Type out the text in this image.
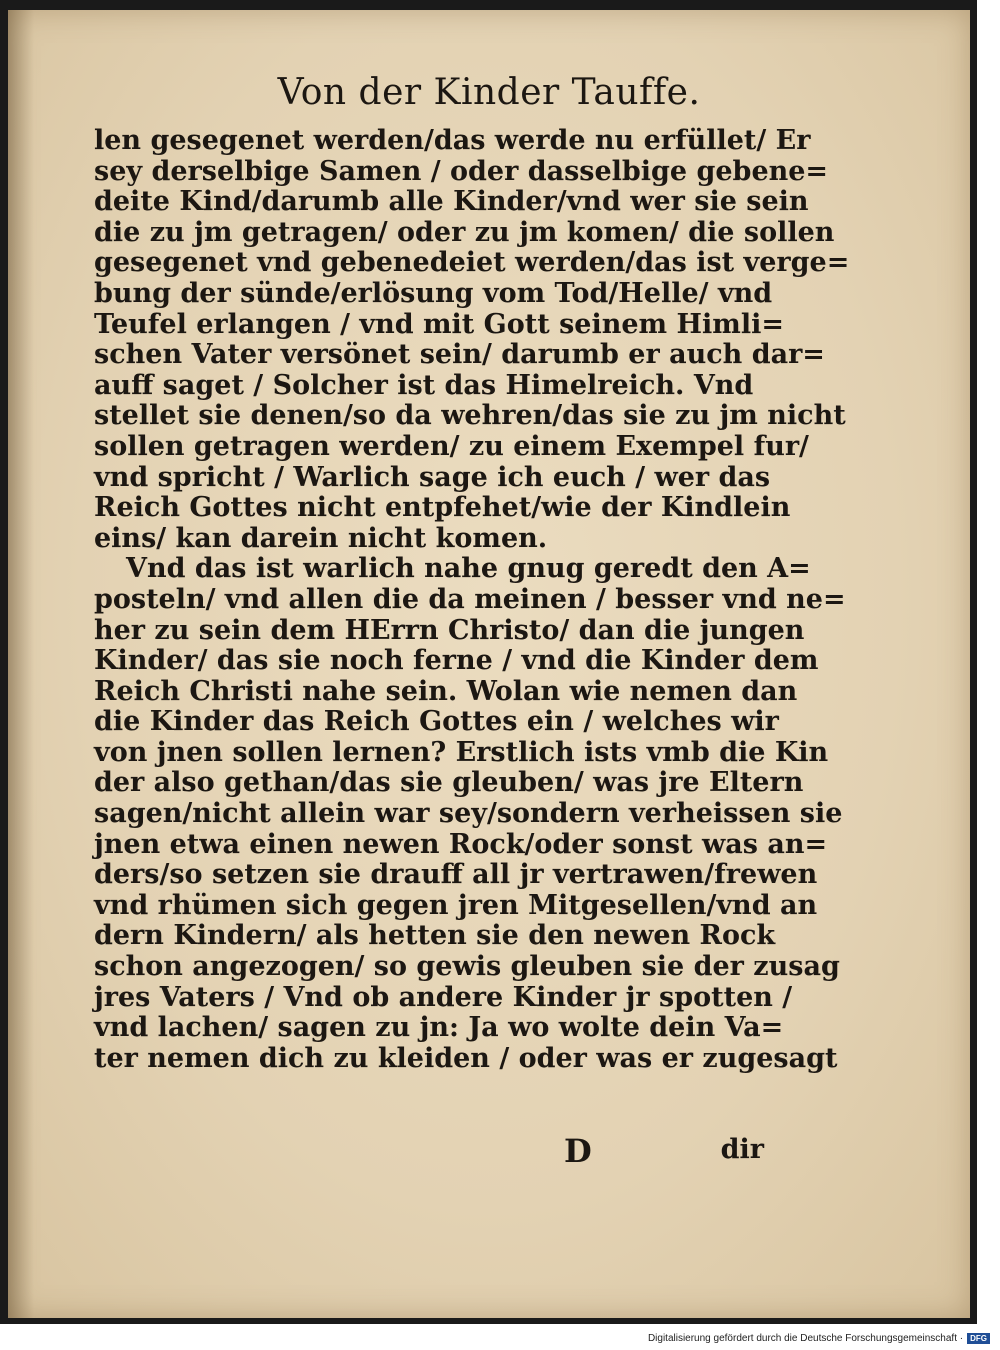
Von der Kinder Tauffe.
len gesegenet werden/das werde nu erfüllet/ Er
sey derselbige Samen / oder dasselbige gebene=
deite Kind/darumb alle Kinder/vnd wer sie sein
die zu jm getragen/ oder zu jm komen/ die sollen
gesegenet vnd gebenedeiet werden/das ist verge=
bung der sünde/erlösung vom Tod/Helle/ vnd
Teufel erlangen / vnd mit Gott seinem Himli=
schen Vater versönet sein/ darumb er auch dar=
auff saget / Solcher ist das Himelreich. Vnd
stellet sie denen/so da wehren/das sie zu jm nicht
sollen getragen werden/ zu einem Exempel fur/
vnd spricht / Warlich sage ich euch / wer das
Reich Gottes nicht entpfehet/wie der Kindlein
eins/ kan darein nicht komen.
Vnd das ist warlich nahe gnug geredt den A=
posteln/ vnd allen die da meinen / besser vnd ne=
her zu sein dem HErrn Christo/ dan die jungen
Kinder/ das sie noch ferne / vnd die Kinder dem
Reich Christi nahe sein. Wolan wie nemen dan
die Kinder das Reich Gottes ein / welches wir
von jnen sollen lernen? Erstlich ists vmb die Kin
der also gethan/das sie gleuben/ was jre Eltern
sagen/nicht allein war sey/sondern verheissen sie
jnen etwa einen newen Rock/oder sonst was an=
ders/so setzen sie drauff all jr vertrawen/frewen
vnd rhümen sich gegen jren Mitgesellen/vnd an
dern Kindern/ als hetten sie den newen Rock
schon angezogen/ so gewis gleuben sie der zusag
jres Vaters / Vnd ob andere Kinder jr spotten /
vnd lachen/ sagen zu jn: Ja wo wolte dein Va=
ter nemen dich zu kleiden / oder was er zugesagt
D	dir
Digitalisierung gefördert durch die Deutsche Forschungsgemeinschaft · DFG
